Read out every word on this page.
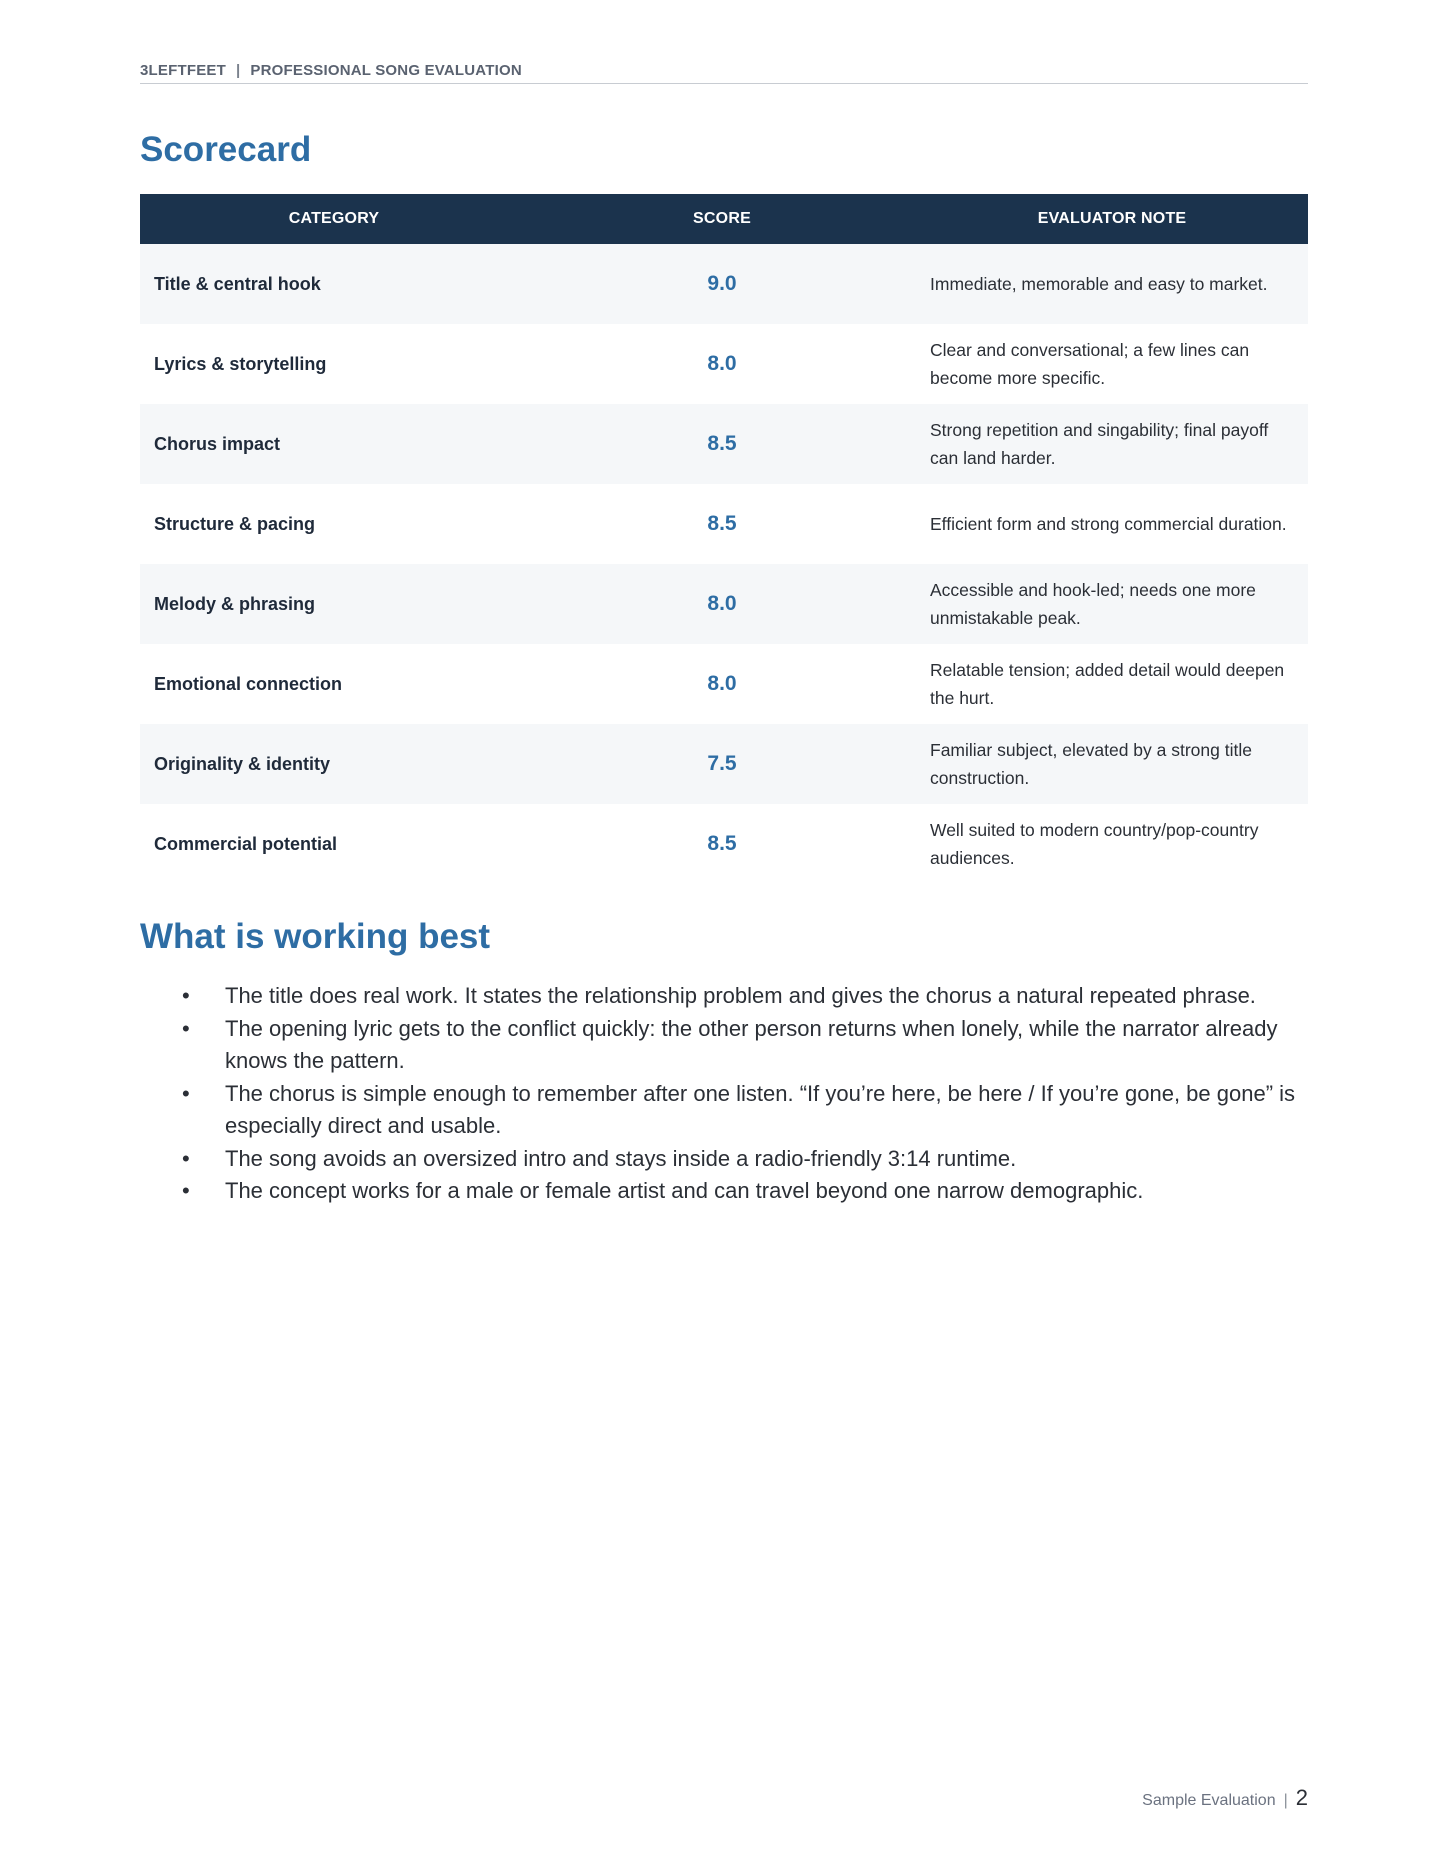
3LEFTFEET | PROFESSIONAL SONG EVALUATION
Scorecard
CATEGORY	SCORE	EVALUATOR NOTE
Title & central hook	9.0	Immediate, memorable and easy to market.
Lyrics & storytelling	8.0	Clear and conversational; a few lines can become more specific.
Chorus impact	8.5	Strong repetition and singability; final payoff can land harder.
Structure & pacing	8.5	Efficient form and strong commercial duration.
Melody & phrasing	8.0	Accessible and hook-led; needs one more unmistakable peak.
Emotional connection	8.0	Relatable tension; added detail would deepen the hurt.
Originality & identity	7.5	Familiar subject, elevated by a strong title construction.
Commercial potential	8.5	Well suited to modern country/pop-country audiences.
What is working best
• The title does real work. It states the relationship problem and gives the chorus a natural repeated phrase.
• The opening lyric gets to the conflict quickly: the other person returns when lonely, while the narrator already knows the pattern.
• The chorus is simple enough to remember after one listen. “If you’re here, be here / If you’re gone, be gone” is especially direct and usable.
• The song avoids an oversized intro and stays inside a radio-friendly 3:14 runtime.
• The concept works for a male or female artist and can travel beyond one narrow demographic.
Sample Evaluation | 2
